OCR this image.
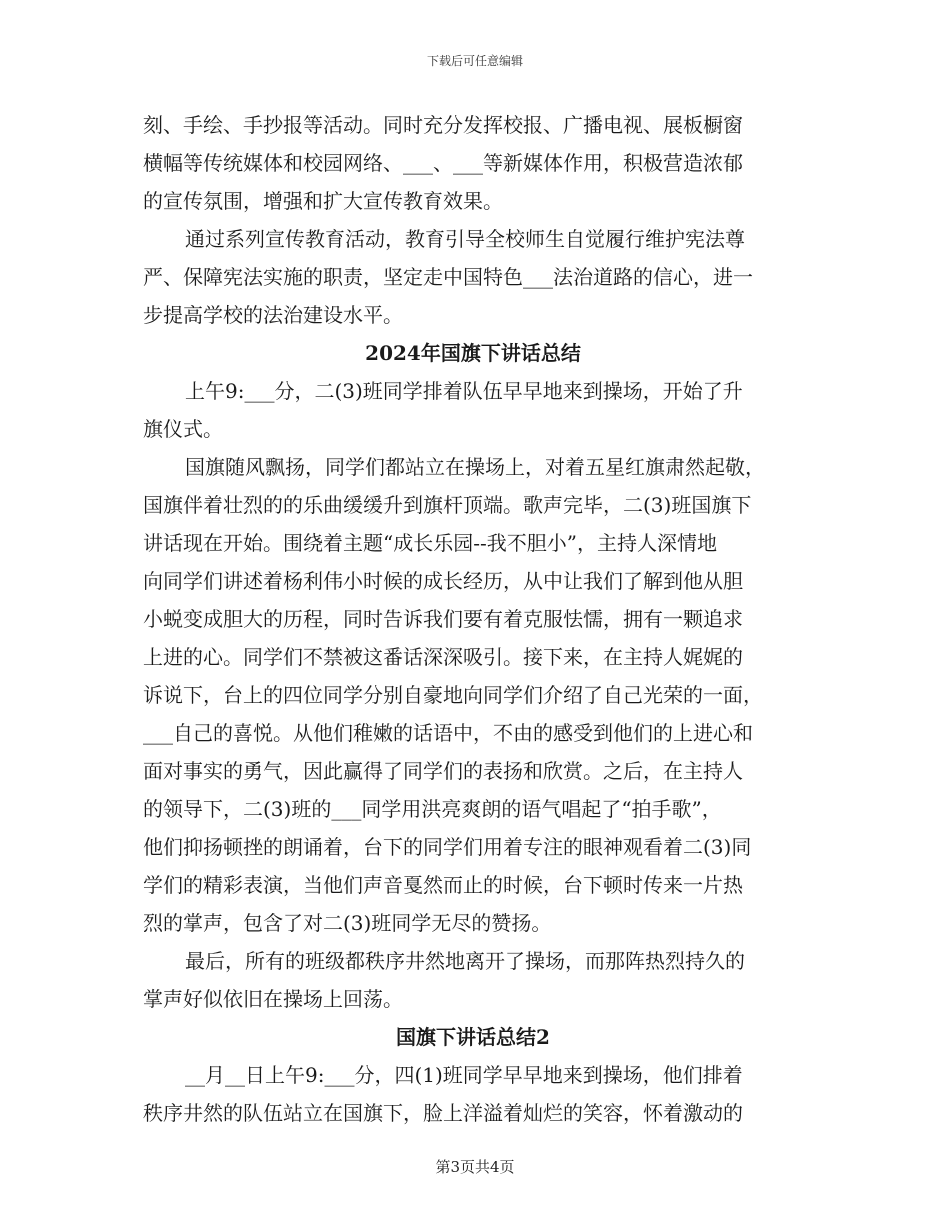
下载后可任意编辑
刻、手绘、手抄报等活动。同时充分发挥校报、广播电视、展板橱窗
横幅等传统媒体和校园网络、___、___等新媒体作用，积极营造浓郁
的宣传氛围，增强和扩大宣传教育效果。
通过系列宣传教育活动，教育引导全校师生自觉履行维护宪法尊
严、保障宪法实施的职责，坚定走中国特色___法治道路的信心，进一
步提高学校的法治建设水平。
2024年国旗下讲话总结
上午9:___分，二(3)班同学排着队伍早早地来到操场，开始了升
旗仪式。
国旗随风飘扬，同学们都站立在操场上，对着五星红旗肃然起敬，
国旗伴着壮烈的的乐曲缓缓升到旗杆顶端。歌声完毕，二(3)班国旗下
讲话现在开始。围绕着主题“成长乐园--我不胆小”，主持人深情地
向同学们讲述着杨利伟小时候的成长经历，从中让我们了解到他从胆
小蜕变成胆大的历程，同时告诉我们要有着克服怯懦，拥有一颗追求
上进的心。同学们不禁被这番话深深吸引。接下来，在主持人娓娓的
诉说下，台上的四位同学分别自豪地向同学们介绍了自己光荣的一面，
___自己的喜悦。从他们稚嫩的话语中，不由的感受到他们的上进心和
面对事实的勇气，因此赢得了同学们的表扬和欣赏。之后，在主持人
的领导下，二(3)班的___同学用洪亮爽朗的语气唱起了“拍手歌”，
他们抑扬顿挫的朗诵着，台下的同学们用着专注的眼神观看着二(3)同
学们的精彩表演，当他们声音戛然而止的时候，台下顿时传来一片热
烈的掌声，包含了对二(3)班同学无尽的赞扬。
最后，所有的班级都秩序井然地离开了操场，而那阵热烈持久的
掌声好似依旧在操场上回荡。
国旗下讲话总结2
__月__日上午9:___分，四(1)班同学早早地来到操场，他们排着
秩序井然的队伍站立在国旗下，脸上洋溢着灿烂的笑容，怀着激动的
第3页共4页
